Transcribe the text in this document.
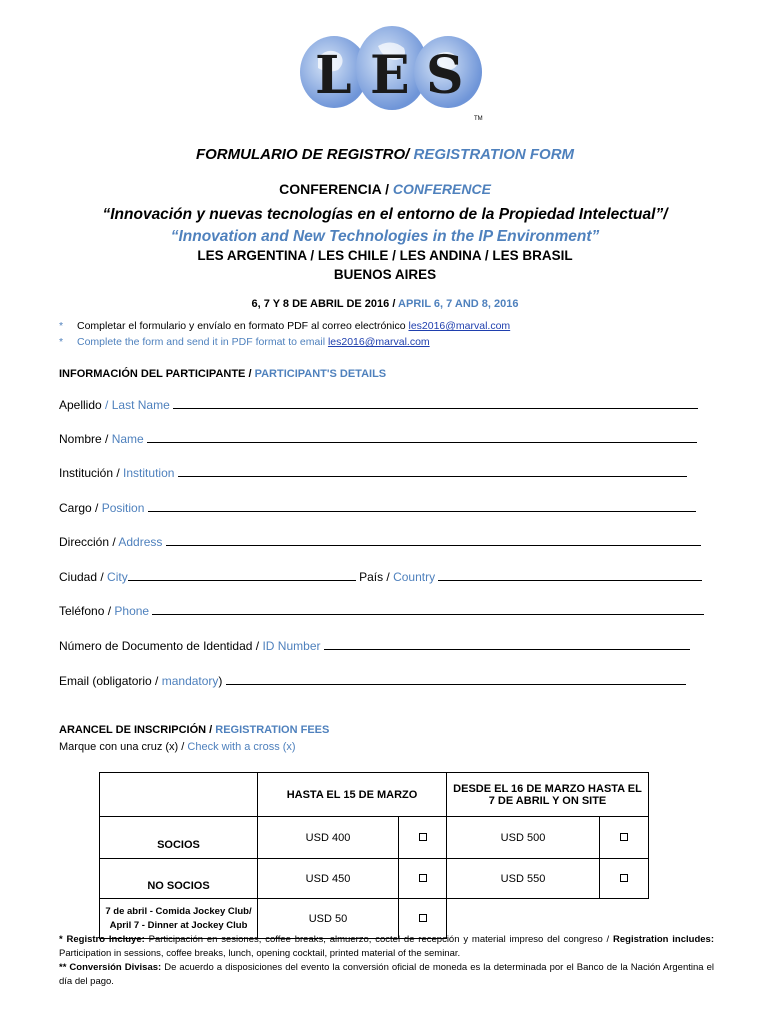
L E S
TM
FORMULARIO DE REGISTRO/ REGISTRATION FORM
CONFERENCIA / CONFERENCE
“Innovación y nuevas tecnologías en el entorno de la Propiedad Intelectual”/
“Innovation and New Technologies in the IP Environment”
LES ARGENTINA / LES CHILE / LES ANDINA / LES BRASIL
BUENOS AIRES
6, 7 Y 8 DE ABRIL DE 2016 / APRIL 6, 7 AND 8, 2016
* Completar el formulario y envíalo en formato PDF al correo electrónico les2016@marval.com
* Complete the form and send it in PDF format to email les2016@marval.com
INFORMACIÓN DEL PARTICIPANTE / PARTICIPANT'S DETAILS
Apellido / Last Name
Nombre / Name
Institución / Institution
Cargo / Position
Dirección / Address
Ciudad / City	País / Country
Teléfono / Phone
Número de Documento de Identidad / ID Number
Email (obligatorio / mandatory)
ARANCEL DE INSCRIPCIÓN / REGISTRATION FEES
Marque con una cruz (x) / Check with a cross (x)
	HASTA EL 15 DE MARZO		DESDE EL 16 DE MARZO HASTA EL
7 DE ABRIL Y ON SITE	
SOCIOS	USD 400		USD 500	
NO SOCIOS	USD 450		USD 550	
7 de abril - Comida Jockey Club/
April 7 - Dinner at Jockey Club	USD 50			
* Registro Incluye: Participación en sesiones, coffee breaks, almuerzo, coctel de recepción y material impreso del congreso / Registration includes: Participation in sessions, coffee breaks, lunch, opening cocktail, printed material of the seminar.
** Conversión Divisas: De acuerdo a disposiciones del evento la conversión oficial de moneda es la determinada por el Banco de la Nación Argentina el día del pago.
